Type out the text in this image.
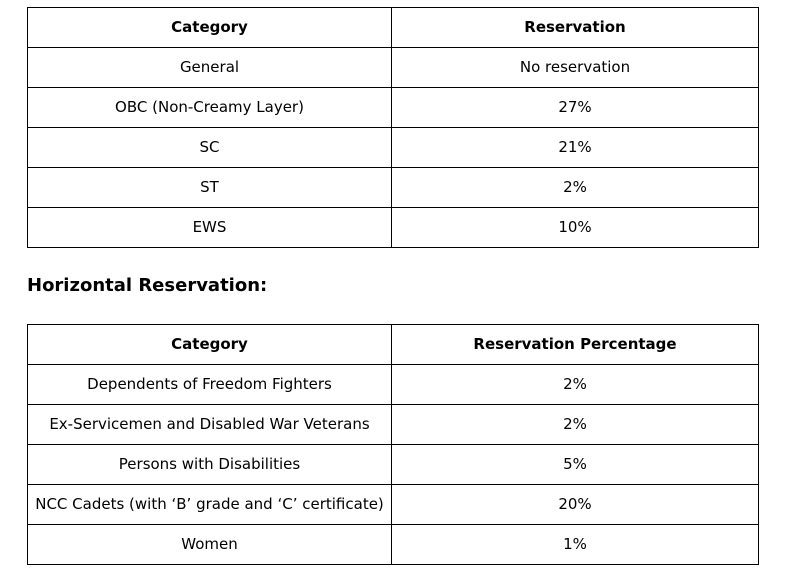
Category	Reservation
General	No reservation
OBC (Non-Creamy Layer)	27%
SC	21%
ST	2%
EWS	10%
Horizontal Reservation:
Category	Reservation Percentage
Dependents of Freedom Fighters	2%
Ex-Servicemen and Disabled War Veterans	2%
Persons with Disabilities	5%
NCC Cadets (with ‘B’ grade and ‘C’ certificate)	20%
Women	1%
